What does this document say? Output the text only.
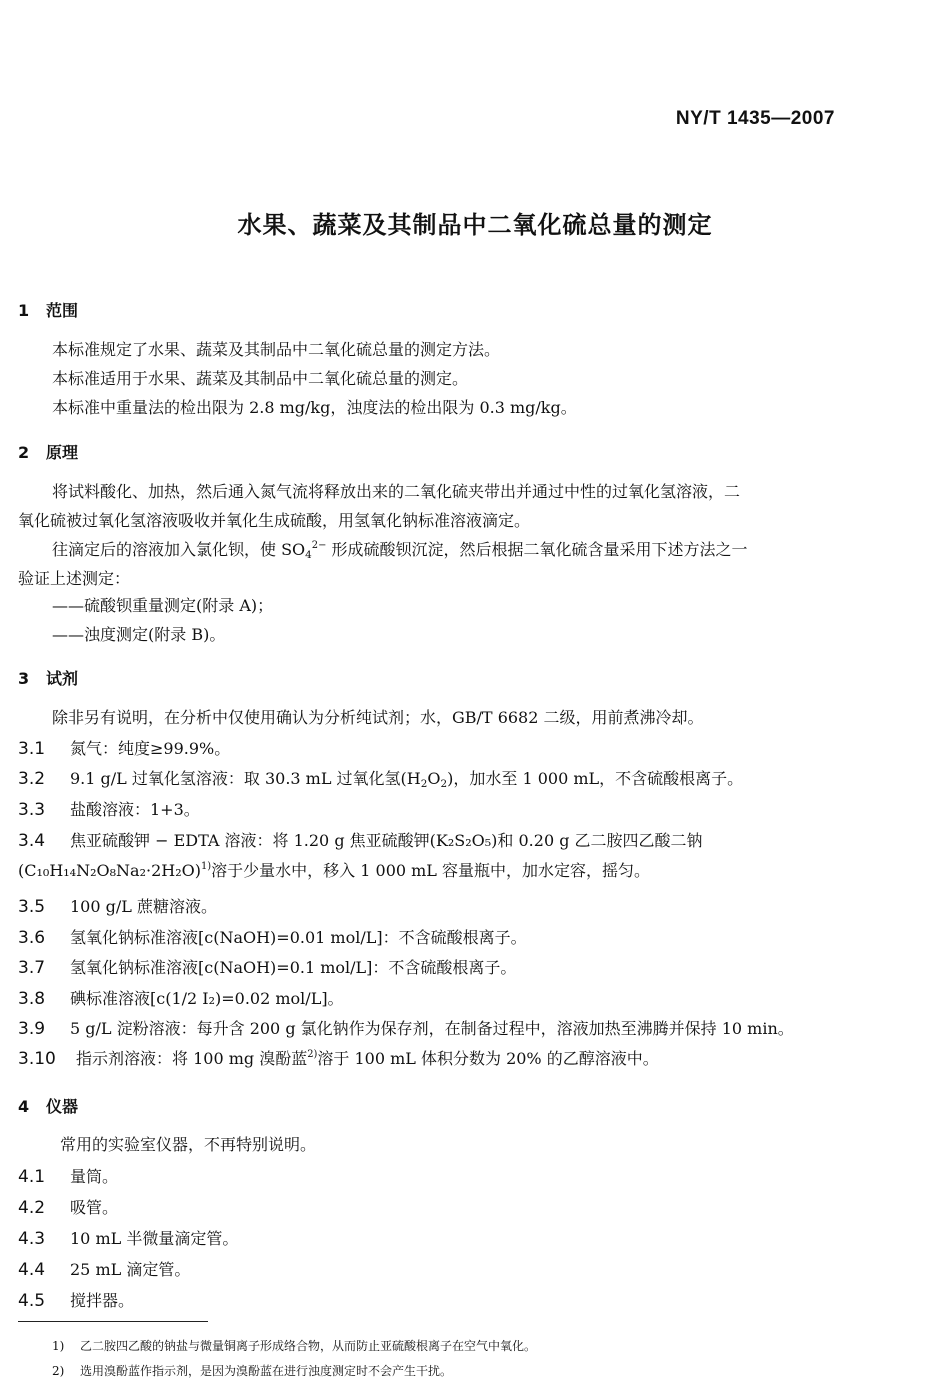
NY/T 1435—2007
水果、蔬菜及其制品中二氧化硫总量的测定
1 范围
本标准规定了水果、蔬菜及其制品中二氧化硫总量的测定方法。
本标准适用于水果、蔬菜及其制品中二氧化硫总量的测定。
本标准中重量法的检出限为 2.8 mg/kg，浊度法的检出限为 0.3 mg/kg。
2 原理
将试料酸化、加热，然后通入氮气流将释放出来的二氧化硫夹带出并通过中性的过氧化氢溶液，二
氧化硫被过氧化氢溶液吸收并氧化生成硫酸，用氢氧化钠标准溶液滴定。
往滴定后的溶液加入氯化钡，使 $SO_4^{2-}$ 形成硫酸钡沉淀，然后根据二氧化硫含量采用下述方法之一
验证上述测定：
——硫酸钡重量测定(附录 A)；
——浊度测定(附录 B)。
3 试剂
除非另有说明，在分析中仅使用确认为分析纯试剂；水，GB/T 6682 二级，用前煮沸冷却。
3.1 氮气：纯度≥99.9%。
3.2 9.1 g/L 过氧化氢溶液：取 30.3 mL 过氧化氢$(H_2O_2)$，加水至 1 000 mL，不含硫酸根离子。
3.3 盐酸溶液：1+3。
3.4 焦亚硫酸钾 − EDTA 溶液：将 1.20 g 焦亚硫酸钾(K₂S₂O₅)和 0.20 g 乙二胺四乙酸二钠
$(C_{10}H_{14}N_2O_8Na_2\cdot 2H_2O)^{1)}$溶于少量水中，移入 1 000 mL 容量瓶中，加水定容，摇匀。
3.5 100 g/L 蔗糖溶液。
3.6 氢氧化钠标准溶液[c(NaOH)=0.01 mol/L]：不含硫酸根离子。
3.7 氢氧化钠标准溶液[c(NaOH)=0.1 mol/L]：不含硫酸根离子。
3.8 碘标准溶液[c(1/2 I₂)=0.02 mol/L]。
3.9 5 g/L 淀粉溶液：每升含 200 g 氯化钠作为保存剂，在制备过程中，溶液加热至沸腾并保持 10 min。
3.10 指示剂溶液：将 100 mg 溴酚蓝$^{2)}$溶于 100 mL 体积分数为 20% 的乙醇溶液中。
4 仪器
常用的实验室仪器，不再特别说明。
4.1 量筒。
4.2 吸管。
4.3 10 mL 半微量滴定管。
4.4 25 mL 滴定管。
4.5 搅拌器。
1) 乙二胺四乙酸的钠盐与微量铜离子形成络合物，从而防止亚硫酸根离子在空气中氧化。
2) 选用溴酚蓝作指示剂，是因为溴酚蓝在进行浊度测定时不会产生干扰。
